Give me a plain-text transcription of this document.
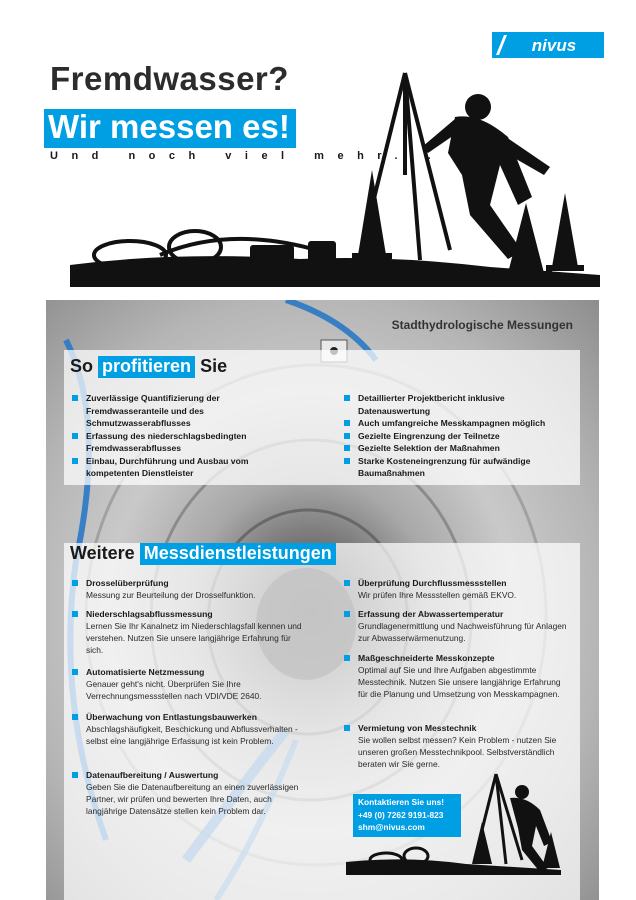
nivus
Fremdwasser?
Wir messen es!
Und noch viel mehr...
Stadthydrologische Messungen
So profitieren Sie
Zuverlässige Quantifizierung der Fremdwasseranteile und des Schmutzwasserabflusses
Erfassung des niederschlagsbedingten Fremdwasserabflusses
Einbau, Durchführung und Ausbau vom kompetenten Dienstleister
Detaillierter Projektbericht inklusive Datenauswertung
Auch umfangreiche Messkampagnen möglich
Gezielte Eingrenzung der Teilnetze
Gezielte Selektion der Maßnahmen
Starke Kosteneingrenzung für aufwändige Baumaßnahmen
Weitere Messdienstleistungen
Drosselüberprüfung
Messung zur Beurteilung der Drosselfunktion.
Niederschlagsabflussmessung
Lernen Sie Ihr Kanalnetz im Niederschlagsfall kennen und verstehen. Nutzen Sie unsere langjährige Erfahrung für sich.
Automatisierte Netzmessung
Genauer geht's nicht. Überprüfen Sie Ihre Verrechnungsmessstellen nach VDI/VDE 2640.
Überwachung von Entlastungsbauwerken
Abschlagshäufigkeit, Beschickung und Abflussverhalten - selbst eine langjährige Erfassung ist kein Problem.
Datenaufbereitung / Auswertung
Geben Sie die Datenaufbereitung an einen zuverlässigen Partner, wir prüfen und bewerten Ihre Daten, auch langjährige Datensätze stellen kein Problem dar.
Überprüfung Durchflussmessstellen
Wir prüfen Ihre Messstellen gemäß EKVO.
Erfassung der Abwassertemperatur
Grundlagenermittlung und Nachweisführung für Anlagen zur Abwasserwärmenutzung.
Maßgeschneiderte Messkonzepte
Optimal auf Sie und Ihre Aufgaben abgestimmte Messtechnik. Nutzen Sie unsere langjährige Erfahrung für die Planung und Umsetzung von Messkampagnen.
Vermietung von Messtechnik
Sie wollen selbst messen? Kein Problem - nutzen Sie unseren großen Messtechnikpool. Selbstverständlich beraten wir Sie gerne.
Kontaktieren Sie uns!
+49 (0) 7262 9191-823
shm@nivus.com
